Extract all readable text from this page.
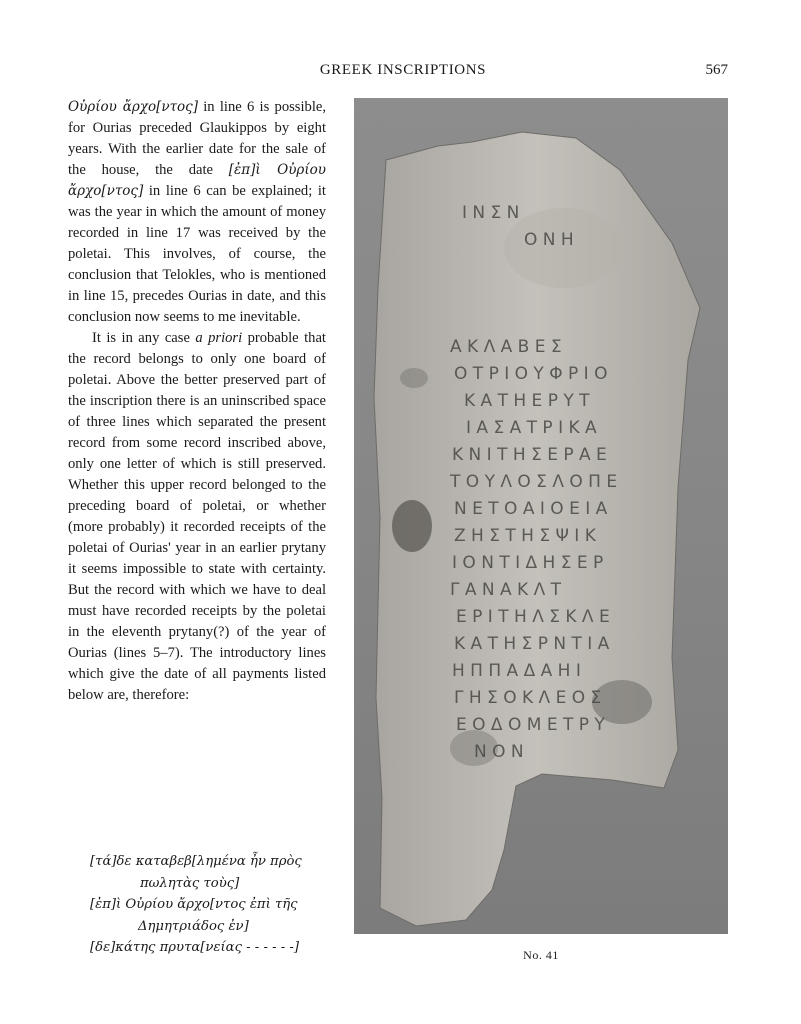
GREEK INSCRIPTIONS	567

Οὐρίου ἄρχο[ντος] in line 6 is possible, for Ourias preceded Glaukippos by eight years. With the earlier date for the sale of the house, the date [ἐπ]ὶ Οὐρίου ἄρχο[ντος] in line 6 can be explained; it was the year in which the amount of money recorded in line 17 was received by the poletai. This involves, of course, the conclusion that Telokles, who is mentioned in line 15, precedes Ourias in date, and this conclusion now seems to me inevitable.

It is in any case a priori probable that the record belongs to only one board of poletai. Above the better preserved part of the inscription there is an uninscribed space of three lines which separated the present record from some record inscribed above, only one letter of which is still preserved. Whether this upper record belonged to the preceding board of poletai, or whether (more probably) it recorded receipts of the poletai of Ourias' year in an earlier prytany it seems impossible to state with certainty. But the record with which we have to deal must have recorded receipts by the poletai in the eleventh prytany(?) of the year of Ourias (lines 5–7). The introductory lines which give the date of all payments listed below are, therefore:

[τά]δε καταβεβ[λημένα ἦν πρὸς
πωλητὰς τοὺς]
[ἐπ]ὶ Οὐρίου ἄρχο[ντος ἐπὶ τῆς
Δημητριάδος ἐν]
[δε]κάτης πρυτα[νείας - - - - - -]
Ι Ν Σ Ν
Ο Ν Η
Α Κ Λ Α Β Ε Σ
Ο Τ Ρ Ι Ο Υ Φ Ρ Ι Ο
Κ Α Τ Η Ε Ρ Υ Τ
Ι Α Σ Α Τ Ρ Ι Κ Α
Κ Ν Ι Τ Η Σ Ε Ρ Α Ε
Τ Ο Υ Λ Ο Σ Λ Ο Π Ε
Ν Ε Τ Ο Α Ι Ο Ε Ι Α
Ζ Η Σ Τ Η Σ Ψ Ι Κ
Ι Ο Ν Τ Ι Δ Η Σ Ε Ρ
Γ Α Ν Α Κ Λ Τ
Ε Ρ Ι Τ Η Λ Σ Κ Λ Ε
Κ Α Τ Η Σ Ρ Ν Τ Ι Α
Η Π Π Α Δ Α Η Ι
Γ Η Σ Ο Κ Λ Ε Ο Σ
Ε Ο Δ Ο Μ Ε Τ Ρ Υ
Ν Ο Ν
No. 41
